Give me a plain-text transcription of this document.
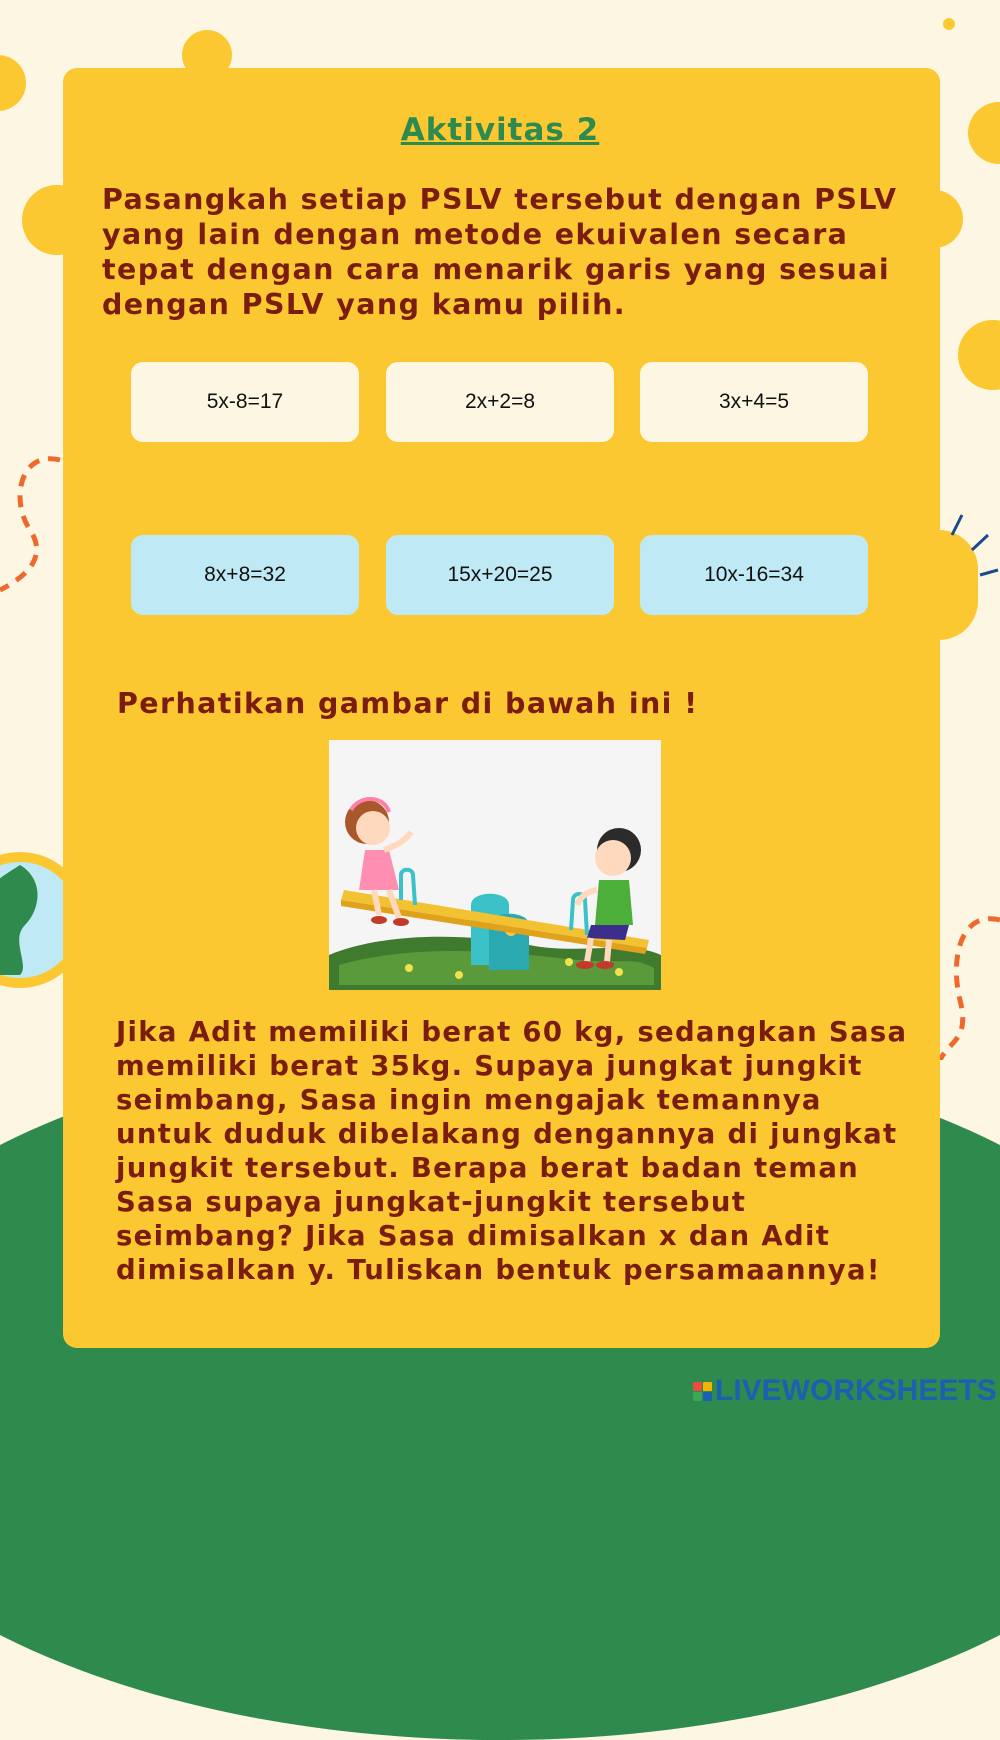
Aktivitas 2
Pasangkah setiap PSLV tersebut dengan PSLV yang lain dengan metode ekuivalen secara tepat dengan cara menarik garis yang sesuai dengan PSLV yang kamu pilih.
5x-8=17	2x+2=8	3x+4=5
8x+8=32	15x+20=25	10x-16=34
Perhatikan gambar di bawah ini !
Jika Adit memiliki berat 60 kg, sedangkan Sasa memiliki berat 35kg. Supaya jungkat jungkit seimbang, Sasa ingin mengajak temannya untuk duduk dibelakang dengannya di jungkat jungkit tersebut. Berapa berat badan teman Sasa supaya jungkat-jungkit tersebut seimbang? Jika Sasa dimisalkan x dan Adit dimisalkan y. Tuliskan bentuk persamaannya!
LIVEWORKSHEETS
